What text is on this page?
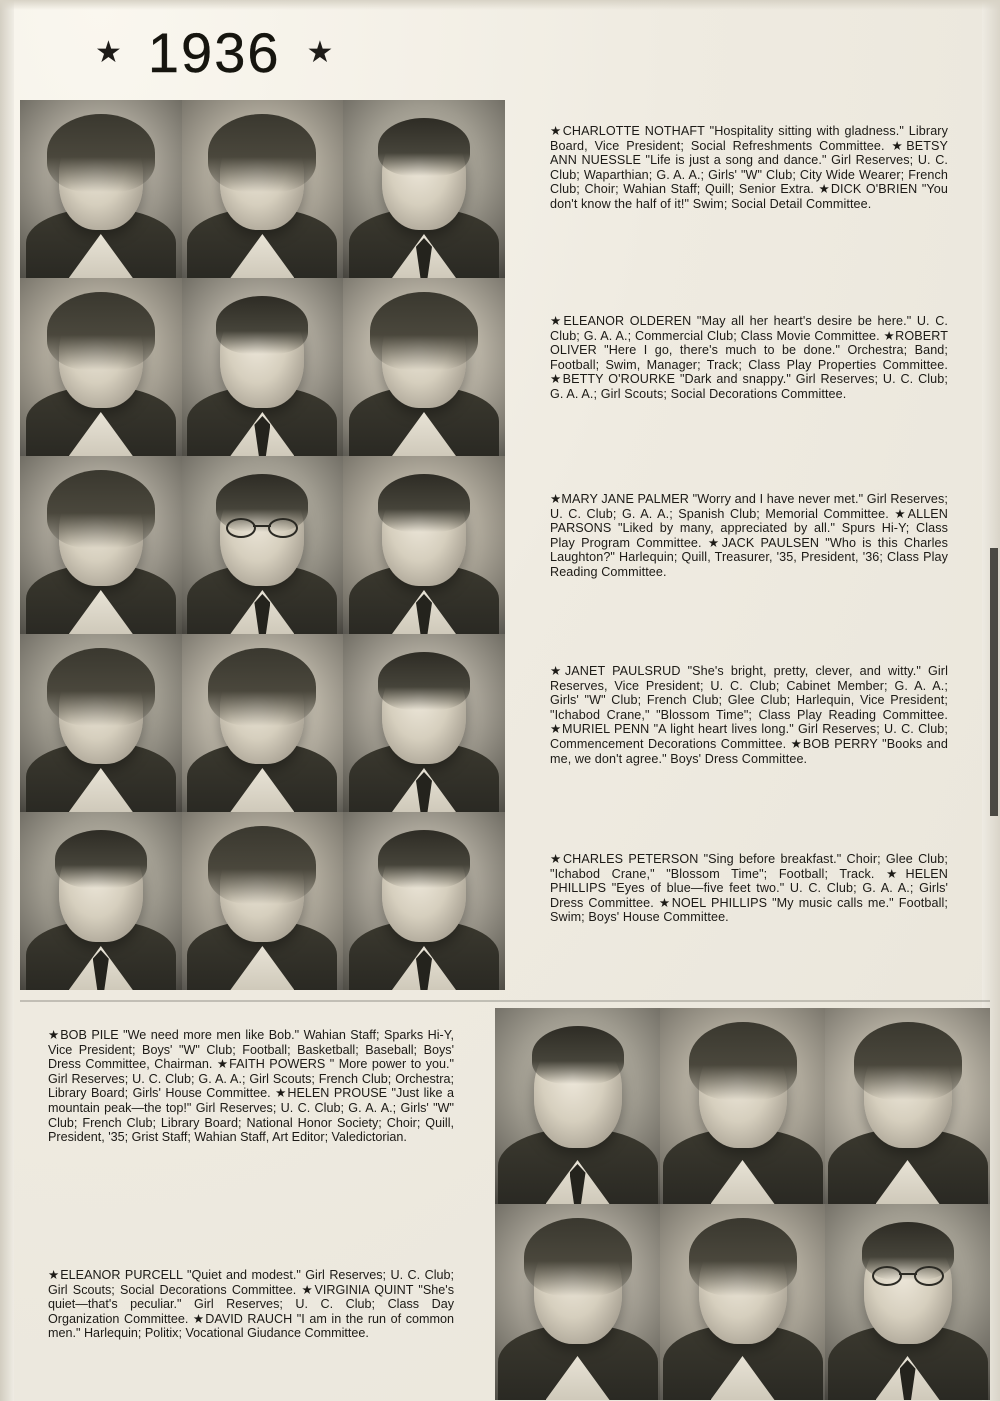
★ 1936 ★

★CHARLOTTE NOTHAFT "Hospitality sitting with gladness." Library Board, Vice President; Social Refreshments Committee. ★BETSY ANN NUESSLE "Life is just a song and dance." Girl Reserves; U. C. Club; Waparthian; G. A. A.; Girls' "W" Club; City Wide Wearer; French Club; Choir; Wahian Staff; Quill; Senior Extra. ★DICK O'BRIEN "You don't know the half of it!" Swim; Social Detail Committee.

★ELEANOR OLDEREN "May all her heart's desire be here." U. C. Club; G. A. A.; Commercial Club; Class Movie Committee. ★ROBERT OLIVER "Here I go, there's much to be done." Orchestra; Band; Football; Swim, Manager; Track; Class Play Properties Committee. ★BETTY O'ROURKE "Dark and snappy." Girl Reserves; U. C. Club; G. A. A.; Girl Scouts; Social Decorations Committee.

★MARY JANE PALMER "Worry and I have never met." Girl Reserves; U. C. Club; G. A. A.; Spanish Club; Memorial Committee. ★ALLEN PARSONS "Liked by many, appreciated by all." Spurs Hi-Y; Class Play Program Committee. ★JACK PAULSEN "Who is this Charles Laughton?" Harlequin; Quill, Treasurer, '35, President, '36; Class Play Reading Committee.

★JANET PAULSRUD "She's bright, pretty, clever, and witty." Girl Reserves, Vice President; U. C. Club; Cabinet Member; G. A. A.; Girls' "W" Club; French Club; Glee Club; Harlequin, Vice President; "Ichabod Crane," "Blossom Time"; Class Play Reading Committee. ★MURIEL PENN "A light heart lives long." Girl Reserves; U. C. Club; Commencement Decorations Committee. ★BOB PERRY "Books and me, we don't agree." Boys' Dress Committee.

★CHARLES PETERSON "Sing before breakfast." Choir; Glee Club; "Ichabod Crane," "Blossom Time"; Football; Track. ★HELEN PHILLIPS "Eyes of blue—five feet two." U. C. Club; G. A. A.; Girls' Dress Committee. ★NOEL PHILLIPS "My music calls me." Football; Swim; Boys' House Committee.

★BOB PILE "We need more men like Bob." Wahian Staff; Sparks Hi-Y, Vice President; Boys' "W" Club; Football; Basketball; Baseball; Boys' Dress Committee, Chairman. ★FAITH POWERS " More power to you." Girl Reserves; U. C. Club; G. A. A.; Girl Scouts; French Club; Orchestra; Library Board; Girls' House Committee. ★HELEN PROUSE "Just like a mountain peak—the top!" Girl Reserves; U. C. Club; G. A. A.; Girls' "W" Club; French Club; Library Board; National Honor Society; Choir; Quill, President, '35; Grist Staff; Wahian Staff, Art Editor; Valedictorian.

★ELEANOR PURCELL "Quiet and modest." Girl Reserves; U. C. Club; Girl Scouts; Social Decorations Committee. ★VIRGINIA QUINT "She's quiet—that's peculiar." Girl Reserves; U. C. Club; Class Day Organization Committee. ★DAVID RAUCH "I am in the run of common men." Harlequin; Politix; Vocational Giudance Committee.
